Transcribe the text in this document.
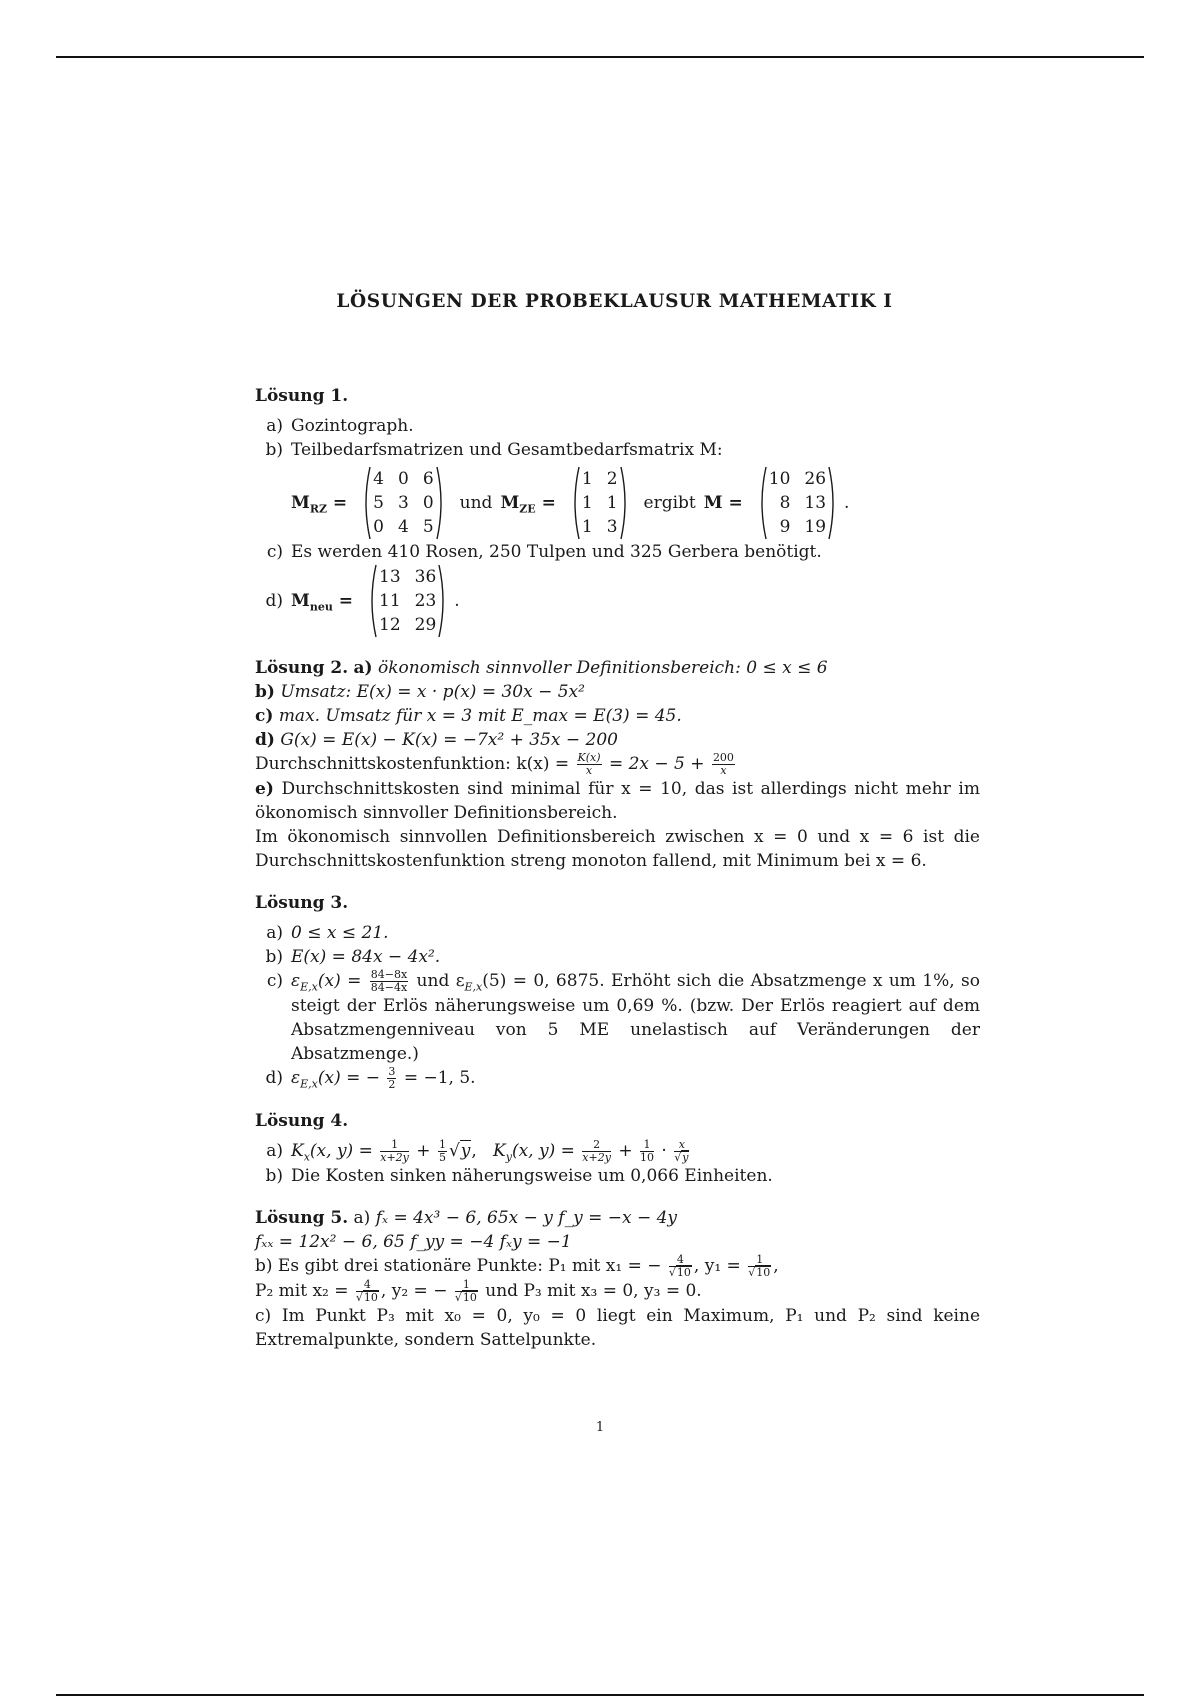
LÖSUNGEN DER PROBEKLAUSUR MATHEMATIK I

Lösung 1.

a) Gozintograph.
b) Teilbedarfsmatrizen und Gesamtbedarfsmatrix M:
$M_{RZ}$ =
4 0 6
5 3 0
0 4 5
und $M_{ZE}$ =
1 2
1 1
1 3
ergibt M =
10 26
8 13
9 19
.
c) Es werden 410 Rosen, 250 Tulpen und 325 Gerbera benötigt.
d) $M_{neu}$ =
13 36
11 23
12 29
.

Lösung 2. a) ökonomisch sinnvoller Definitionsbereich: 0 ≤ x ≤ 6

b) Umsatz: E(x) = x · p(x) = 30x − 5x²

c) max. Umsatz für x = 3 mit E_max = E(3) = 45.

d) G(x) = E(x) − K(x) = −7x² + 35x − 200

Durchschnittskostenfunktion: $k(x) = \frac{K(x)}{x} = 2x - 5 + \frac{200}{x}$

e) Durchschnittskosten sind minimal für x = 10, das ist allerdings nicht mehr im ökonomisch sinnvoller Definitionsbereich.

Im ökonomisch sinnvollen Definitionsbereich zwischen x = 0 und x = 6 ist die Durchschnittskostenfunktion streng monoton fallend, mit Minimum bei x = 6.

Lösung 3.

a) 0 ≤ x ≤ 21.
b) E(x) = 84x − 4x².
c) $\varepsilon_{E,x}(x) = \frac{84-8x}{84-4x}$ und $\varepsilon_{E,x}(5) = 0$, 6875. Erhöht sich die Absatzmenge x um 1%, so steigt der Erlös näherungsweise um 0,69 %. (bzw. Der Erlös reagiert auf dem Absatzmengenniveau von 5 ME unelastisch auf Veränderungen der Absatzmenge.)
d) $\varepsilon_{E,x}(x)$ = − $\frac{3}{2} = -1$, 5.

Lösung 4.

a) $K_x(x$, $y) = \frac{1}{x+2y} + \frac{1}{5} √y$, $K_y(x$, $y) = \frac{2}{x+2y} + \frac{1}{10} \cdot \frac{x}{√y}$
b) Die Kosten sinken näherungsweise um 0,066 Einheiten.

Lösung 5. a) fₓ = 4x³ − 6, 65x − y f_y = −x − 4y

fₓₓ = 12x² − 6, 65 f_yy = −4 fₓy = −1

b) Es gibt drei stationäre Punkte: P₁ mit x₁ = − $\frac{4}{√10}$ , $y_1 = \frac{1}{√10}$ ,

P₂ mit $x_2 = \frac{4}{√10}$ , y₂ = − $\frac{1}{√10}$ und P₃ mit x₃ = 0, y₃ = 0.

c) Im Punkt P₃ mit x₀ = 0, y₀ = 0 liegt ein Maximum, P₁ und P₂ sind keine Extremalpunkte, sondern Sattelpunkte.

1
